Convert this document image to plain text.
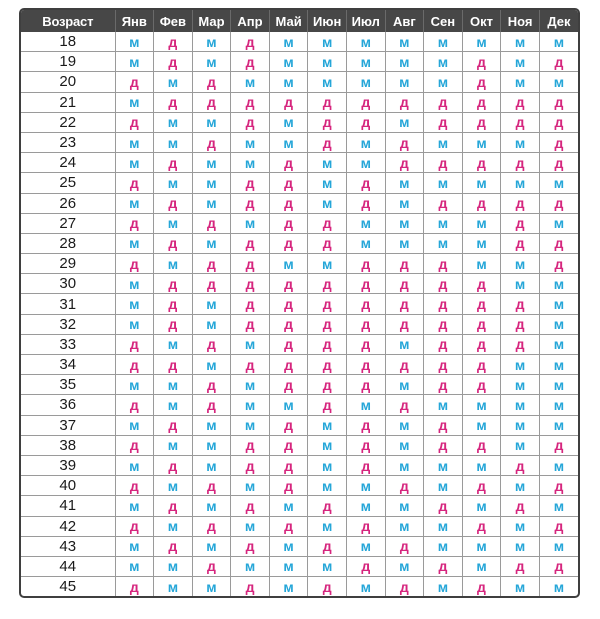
Возраст	Янв	Фев	Мар	Апр	Май	Июн	Июл	Авг	Сен	Окт	Ноя	Дек
18	м	д	м	д	м	м	м	м	м	м	м	м
19	м	д	м	д	м	м	м	м	м	д	м	д
20	д	м	д	м	м	м	м	м	м	д	м	м
21	м	д	д	д	д	д	д	д	д	д	д	д
22	д	м	м	д	м	д	д	м	д	д	д	д
23	м	м	д	м	м	д	м	д	м	м	м	д
24	м	д	м	м	д	м	м	д	д	д	д	д
25	д	м	м	д	д	м	д	м	м	м	м	м
26	м	д	м	д	д	м	д	м	д	д	д	д
27	д	м	д	м	д	д	м	м	м	м	д	м
28	м	д	м	д	д	д	м	м	м	м	д	д
29	д	м	д	д	м	м	д	д	д	м	м	д
30	м	д	д	д	д	д	д	д	д	д	м	м
31	м	д	м	д	д	д	д	д	д	д	д	м
32	м	д	м	д	д	д	д	д	д	д	д	м
33	д	м	д	м	д	д	д	м	д	д	д	м
34	д	д	м	д	д	д	д	д	д	д	м	м
35	м	м	д	м	д	д	д	м	д	д	м	м
36	д	м	д	м	м	д	м	д	м	м	м	м
37	м	д	м	м	д	м	д	м	д	м	м	м
38	д	м	м	д	д	м	д	м	д	д	м	д
39	м	д	м	д	д	м	д	м	м	м	д	м
40	д	м	д	м	д	м	м	д	м	д	м	д
41	м	д	м	д	м	д	м	м	д	м	д	м
42	д	м	д	м	д	м	д	м	м	д	м	д
43	м	д	м	д	м	д	м	д	м	м	м	м
44	м	м	д	м	м	м	д	м	д	м	д	д
45	д	м	м	д	м	д	м	д	м	д	м	м
